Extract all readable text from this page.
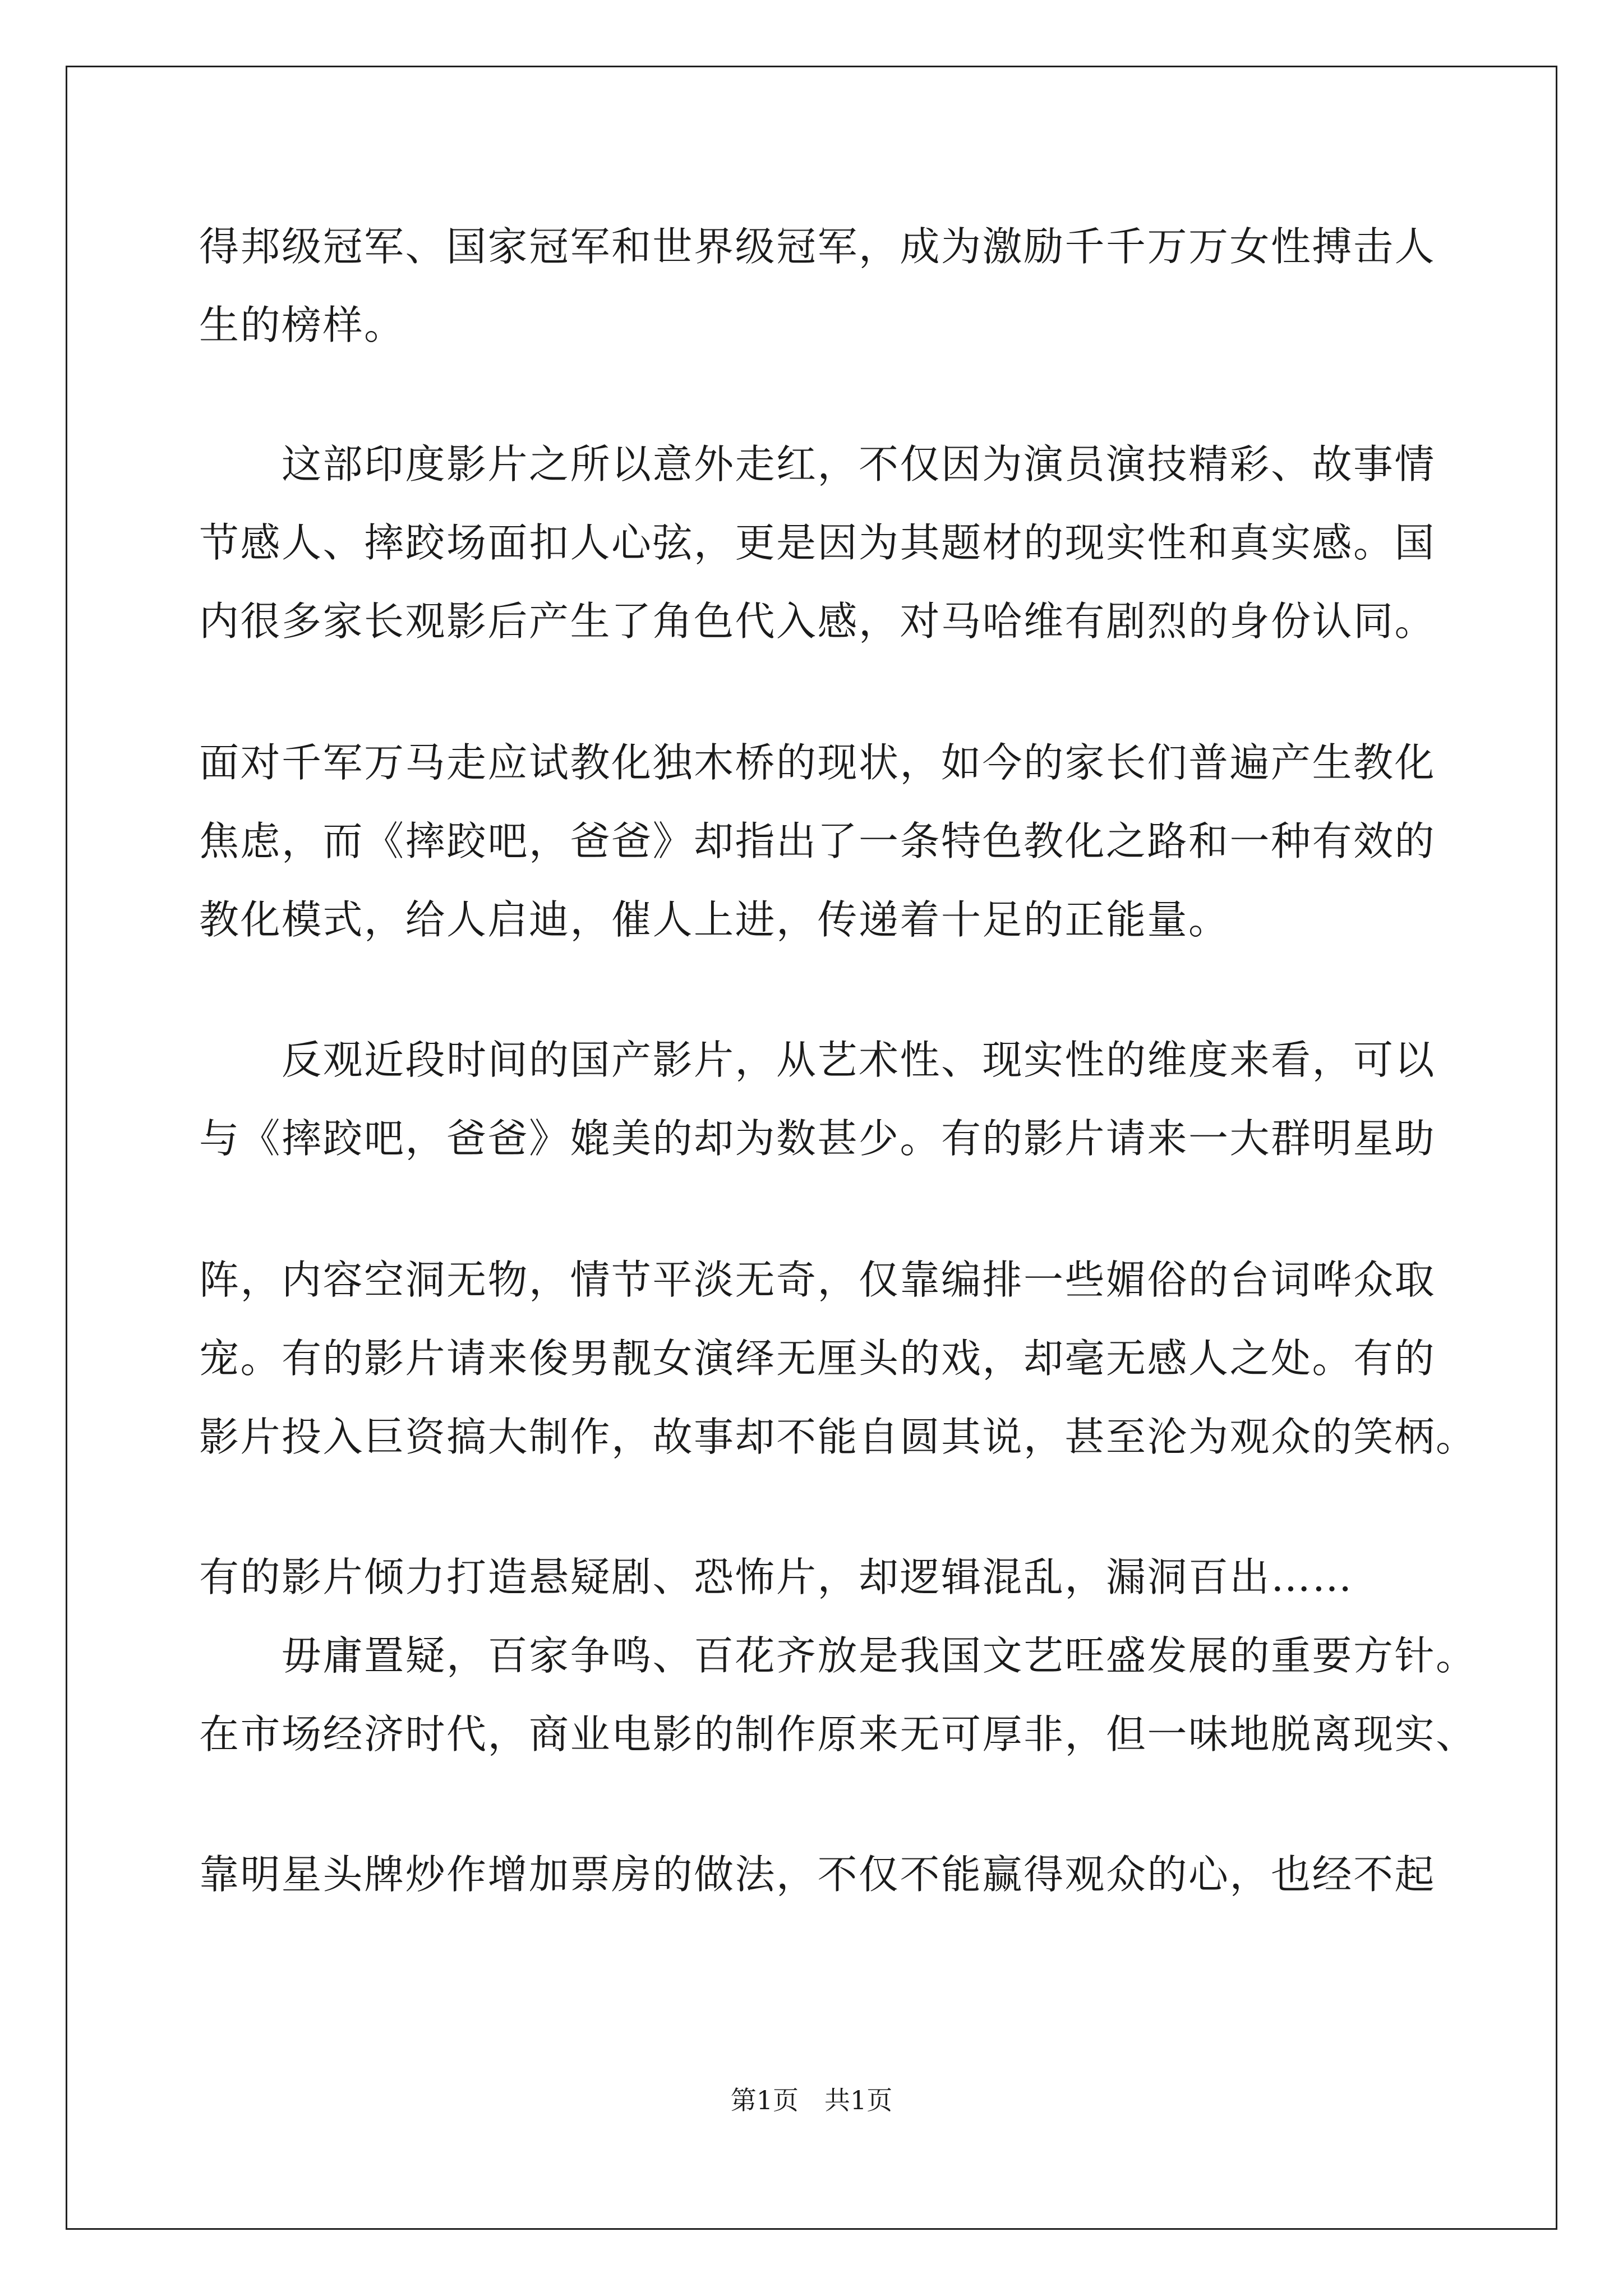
得邦级冠军、国家冠军和世界级冠军，成为激励千千万万女性搏击人
生的榜样。
　　这部印度影片之所以意外走红，不仅因为演员演技精彩、故事情
节感人、摔跤场面扣人心弦，更是因为其题材的现实性和真实感。国
内很多家长观影后产生了角色代入感，对马哈维有剧烈的身份认同。
面对千军万马走应试教化独木桥的现状，如今的家长们普遍产生教化
焦虑，而《摔跤吧，爸爸》却指出了一条特色教化之路和一种有效的
教化模式，给人启迪，催人上进，传递着十足的正能量。
　　反观近段时间的国产影片，从艺术性、现实性的维度来看，可以
与《摔跤吧，爸爸》媲美的却为数甚少。有的影片请来一大群明星助
阵，内容空洞无物，情节平淡无奇，仅靠编排一些媚俗的台词哗众取
宠。有的影片请来俊男靓女演绎无厘头的戏，却毫无感人之处。有的
影片投入巨资搞大制作，故事却不能自圆其说，甚至沦为观众的笑柄。
有的影片倾力打造悬疑剧、恐怖片，却逻辑混乱，漏洞百出……
　　毋庸置疑，百家争鸣、百花齐放是我国文艺旺盛发展的重要方针。
在市场经济时代，商业电影的制作原来无可厚非，但一味地脱离现实、
靠明星头牌炒作增加票房的做法，不仅不能赢得观众的心，也经不起
第1页　共1页
